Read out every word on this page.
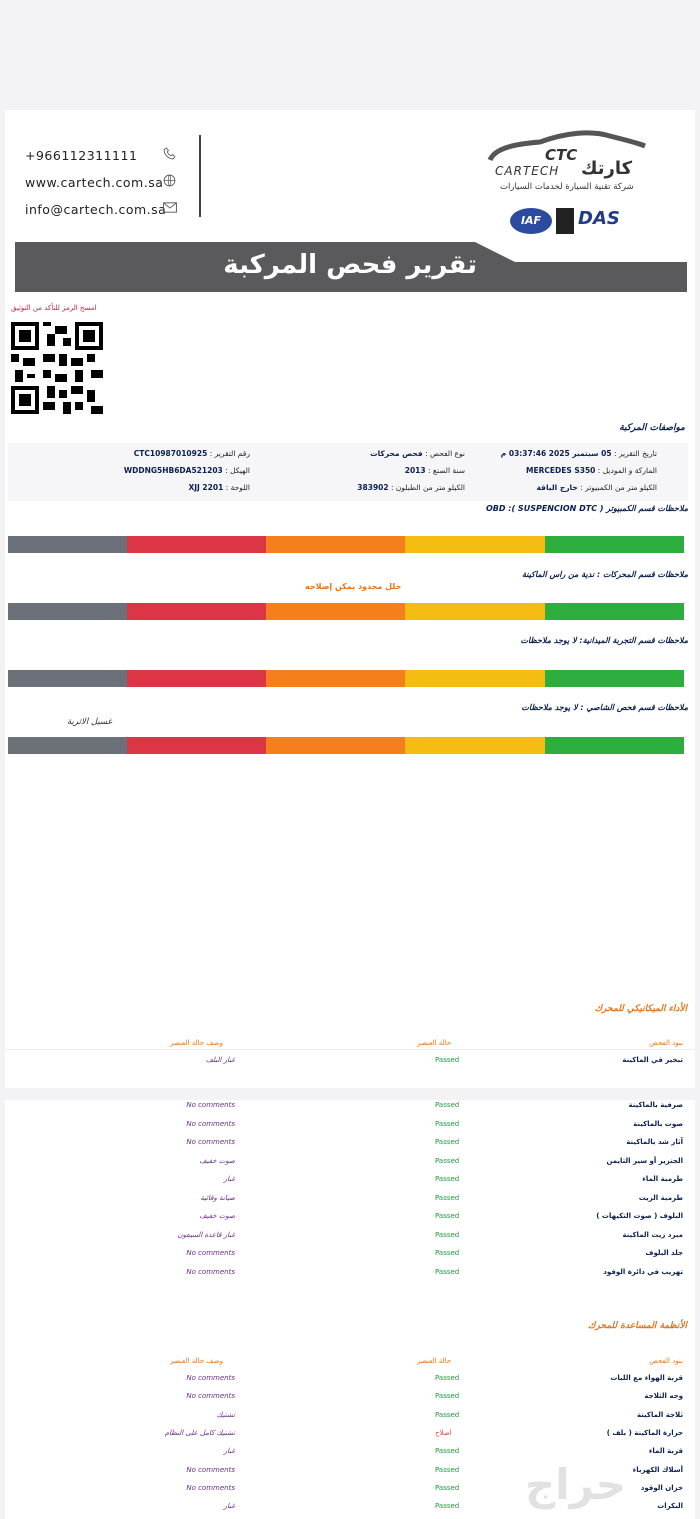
+966112311111
www.cartech.com.sa
info@cartech.com.sa
CTC
CARTECH كارتك
شركة تقنية السيارة لخدمات السيارات
IAF	DAS
تقرير فحص المركبة
امسح الرمز للتأكد من التوثيق
مواصفات المركبة
تاريخ التقرير : 05 سبتمبر 2025 03:37:46 م
نوع الفحص : فحص محركات
رقم التقرير : CTC10987010925
الماركة و الموديل : MERCEDES S350
سنة الصنع : 2013
الهيكل : WDDNG5HB6DA521203
الكيلو متر من الكمبيوتر : خارج الباقة
الكيلو متر من الطبلون : 383902
اللوحة : XJJ 2201
ملاحظات قسم الكمبيوتر ( OBD :( SUSPENCION DTC
ملاحظات قسم المحركات : ندية من راس الماكينة
خلل محدود يمكن إصلاحه
ملاحظات قسم التجربة الميدانية: لا يوجد ملاحظات
ملاحظات قسم فحص الشاصي : لا يوجد ملاحظات
غسيل الاثرية
الأداء الميكانيكي للمحرك
بنود الفحص
حالة العنصر
وصف حالة العنصر
تبخير في الماكينة
Passed
غبار البلف
صرفية بالماكينة
Passed
No comments
صوت بالماكينة
Passed
No comments
آثار شد بالماكينة
Passed
No comments
الجنزير أو سير التايمن
Passed
صوت خفيف
طرمبة الماء
Passed
غبار
طرمبة الزيت
Passed
صيانة وقائية
البلوف ( صوت التكيهات )
Passed
صوت خفيف
مبرد زيت الماكينة
Passed
غبار قاعدة السيفون
جلد البلوف
Passed
No comments
تهريب في دائرة الوقود
Passed
No comments
الأنظمة المساعدة للمحرك
بنود الفحص
حالة العنصر
وصف حالة العنصر
قربة الهواء مع اللبات
Passed
No comments
وجه الثلاجة
Passed
No comments
ثلاجة الماكينة
Passed
تشتيك
حرارة الماكينة ( بلف )
اصلاح
تشتيك كامل على النظام
قربة الماء
Passed
غبار
أسلاك الكهرباء
Passed
No comments
خزان الوقود
Passed
No comments
البكرات
Passed
غبار	حراج
